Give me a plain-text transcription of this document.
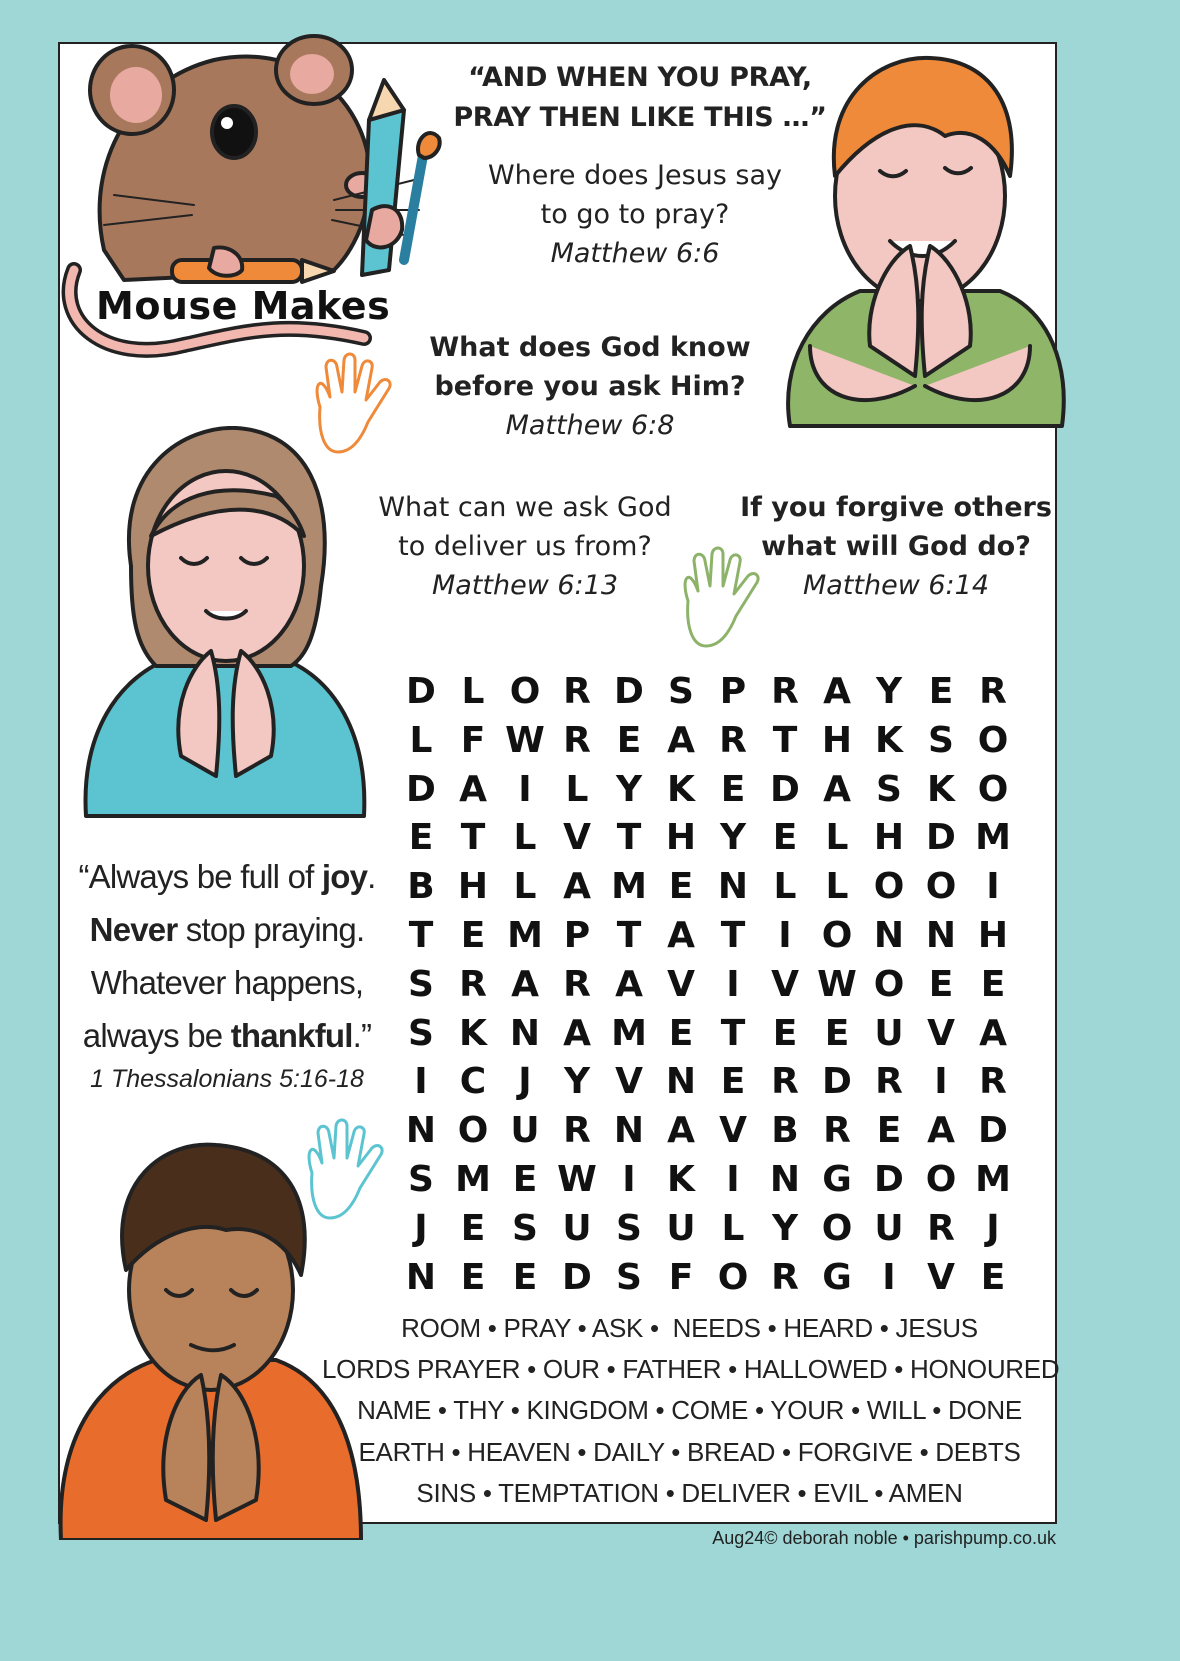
Mouse Makes
“AND WHEN YOU PRAY,
PRAY THEN LIKE THIS …”
Where does Jesus say
to go to pray?
Matthew 6:6
What does God know
before you ask Him?
Matthew 6:8
What can we ask God
to deliver us from?
Matthew 6:13
If you forgive others
what will God do?
Matthew 6:14
“Always be full of joy.
Never stop praying.
Whatever happens,
always be thankful.”
1 Thessalonians 5:16-18
D L O R D S P R A Y E R
L F W R E A R T H K S O
D A I L Y K E D A S K O
E T L V T H Y E L H D M
B H L A M E N L L O O I
T E M P T A T I O N N H
S R A R A V I V W O E E
S K N A M E T E E U V A
I C J Y V N E R D R I R
N O U R N A V B R E A D
S M E W I K I N G D O M
J E S U S U L Y O U R J
N E E D S F O R G I V E
ROOM • PRAY • ASK •  NEEDS • HEARD • JESUS
LORDS PRAYER • OUR • FATHER • HALLOWED • HONOURED
NAME • THY • KINGDOM • COME • YOUR • WILL • DONE
EARTH • HEAVEN • DAILY • BREAD • FORGIVE • DEBTS
SINS • TEMPTATION • DELIVER • EVIL • AMEN
Aug24© deborah noble • parishpump.co.uk
